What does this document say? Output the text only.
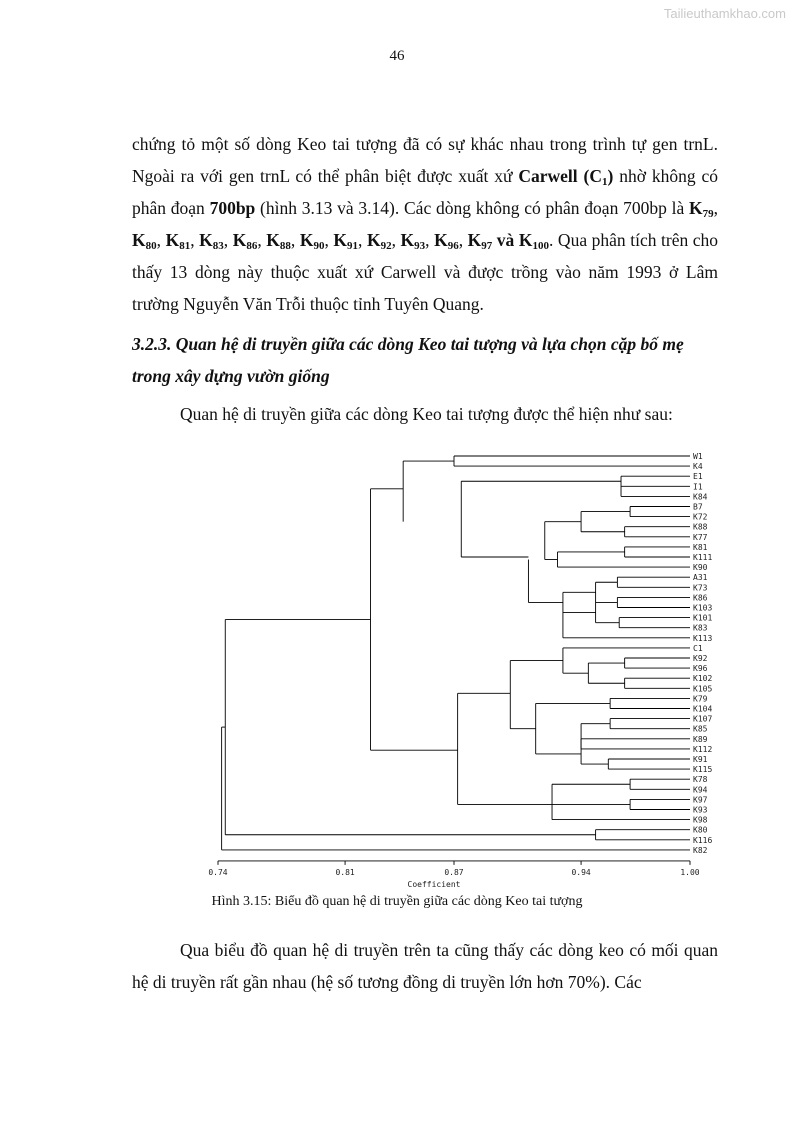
Tailieuthamkhao.com
46

chứng tỏ một số dòng Keo tai tượng đã có sự khác nhau trong trình tự gen trnL. Ngoài ra với gen trnL có thể phân biệt được xuất xứ Carwell $(C_1)$ nhờ không có phân đoạn 700bp (hình 3.13 và 3.14). Các dòng không có phân đoạn 700bp là $K_{79}$, $K_{80}$, $K_{81}$, $K_{83}$, $K_{86}$, $K_{88}$, $K_{90}$, $K_{91}$, $K_{92}$, $K_{93}$, $K_{96}$, $K_{97}$ và $K_{100}$. Qua phân tích trên cho thấy 13 dòng này thuộc xuất xứ Carwell và được trồng vào năm 1993 ở Lâm trường Nguyễn Văn Trỗi thuộc tỉnh Tuyên Quang.

3.2.3. Quan hệ di truyền giữa các dòng Keo tai tượng và lựa chọn cặp bố mẹ trong xây dựng vườn giống

Quan hệ di truyền giữa các dòng Keo tai tượng được thể hiện như sau:

W1
K4
E1
I1
K84
B7
K72
K88
K77
K81
K111
K90
A31
K73
K86
K103
K101
K83
K113
C1
K92
K96
K102
K105
K79
K104
K107
K85
K89
K112
K91
K115
K78
K94
K97
K93
K98
K80
K116
K82
0.74	0.81	0.87	0.94	1.00
Coefficient
Hình 3.15: Biểu đồ quan hệ di truyền giữa các dòng Keo tai tượng

Qua biểu đồ quan hệ di truyền trên ta cũng thấy các dòng keo có mối quan hệ di truyền rất gần nhau (hệ số tương đồng di truyền lớn hơn 70%). Các
